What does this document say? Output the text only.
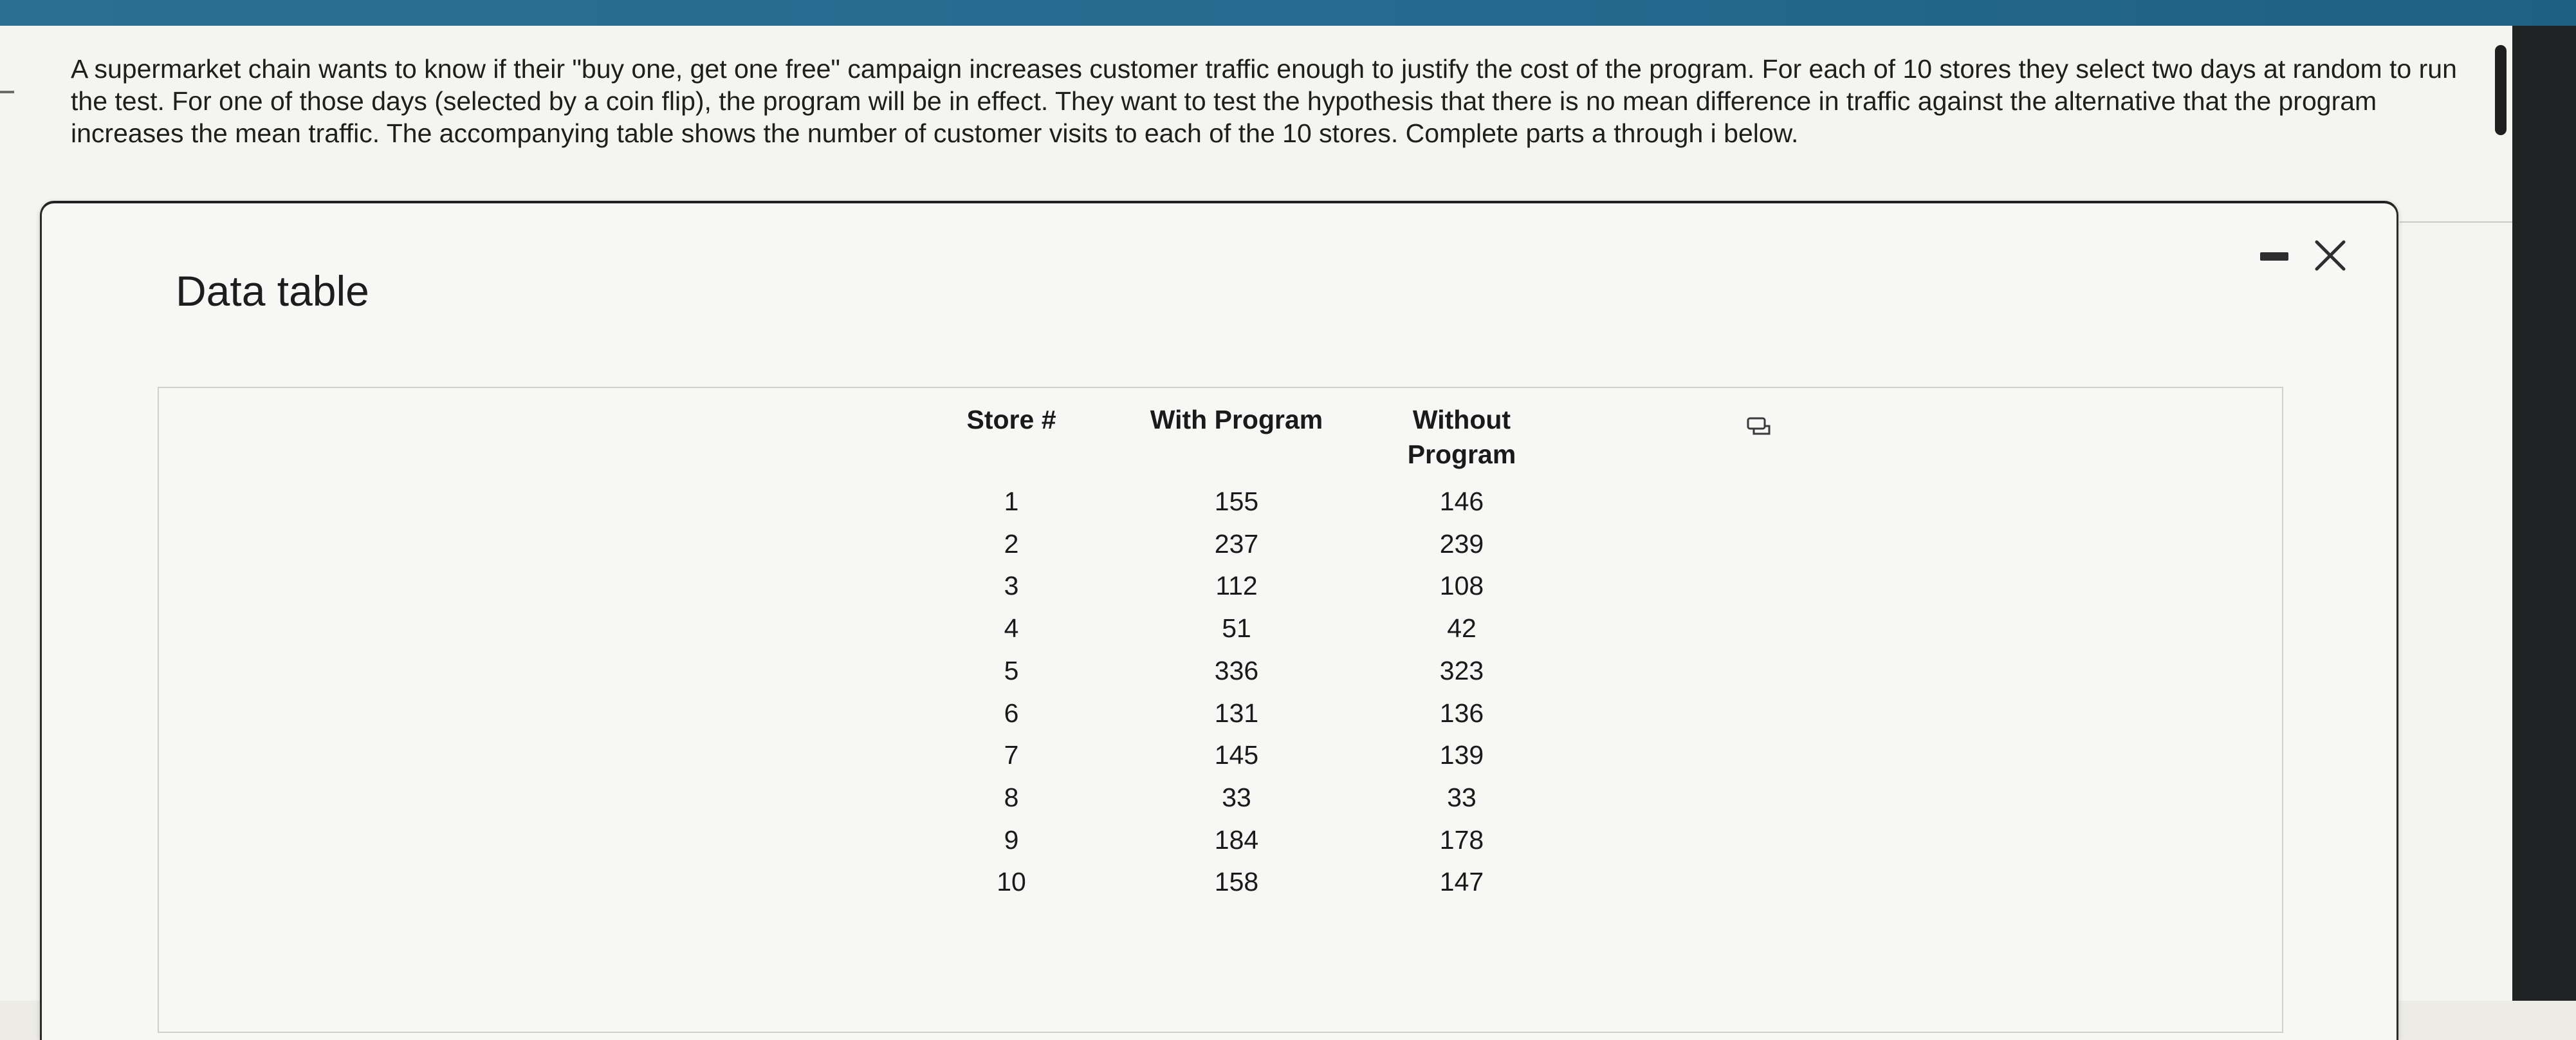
A supermarket chain wants to know if their "buy one, get one free" campaign increases customer traffic enough to justify the cost of the program. For each of 10 stores they select two days at random to run the test. For one of those days (selected by a coin flip), the program will be in effect. They want to test the hypothesis that there is no mean difference in traffic against the alternative that the program increases the mean traffic. The accompanying table shows the number of customer visits to each of the 10 stores. Complete parts a through i below.

Data table
Store #	With Program	Without Program
1	155	146
2	237	239
3	112	108
4	51	42
5	336	323
6	131	136
7	145	139
8	33	33
9	184	178
10	158	147
